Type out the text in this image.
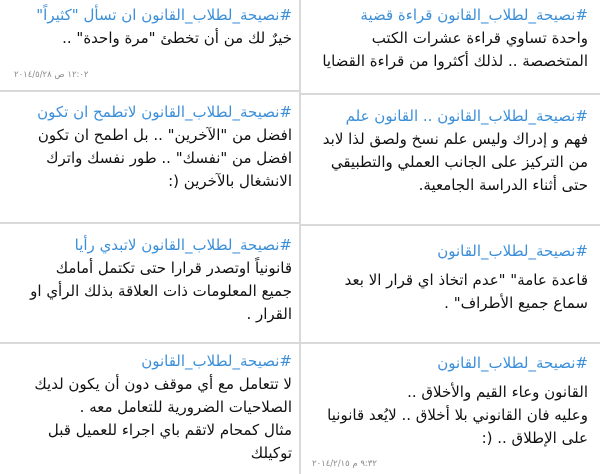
#نصيحة_لطلاب_القانون قراءة قضية

واحدة تساوي قراءة عشرات الكتب

المتخصصة .. لذلك أكثروا من قراءة القضايا

#نصيحة_لطلاب_القانون .. القانون علم

فهم و إدراك وليس علم نسخ ولصق لذا لابد

من التركيز على الجانب العملي والتطبيقي

حتى أثناء الدراسة الجامعية.

#نصيحة_لطلاب_القانون

قاعدة عامة" "عدم اتخاذ اي قرار الا بعد

سماع جميع الأطراف" .

#نصيحة_لطلاب_القانون

القانون وعاء القيم والأخلاق ..

وعليه فان القانوني بلا أخلاق .. لايُعد قانونيا

على الإطلاق .. (:

٩:٣٢ م ٢٠١٤/٢/١٥

#نصيحة_لطلاب_القانون ان تسأل "كثيراً"

خيرٌ لك من أن تخطئ "مرة واحدة" ..

١٢:٠٢ ص ٢٠١٤/٥/٢٨

#نصيحة_لطلاب_القانون لاتطمح ان تكون

افضل من "الآخرين" .. بل اطمح ان تكون

افضل من "نفسك" .. طور نفسك واترك

الانشغال بالآخرين (:

#نصيحة_لطلاب_القانون لاتبدي رأيا

قانونياً اوتصدر قرارا حتى تكتمل أمامك

جميع المعلومات ذات العلاقة بذلك الرأي او

القرار .

#نصيحة_لطلاب_القانون

لا تتعامل مع أي موقف دون أن يكون لديك

الصلاحيات الضرورية للتعامل معه .

مثال كمحام لاتقم باي اجراء للعميل قبل

توكيلك
